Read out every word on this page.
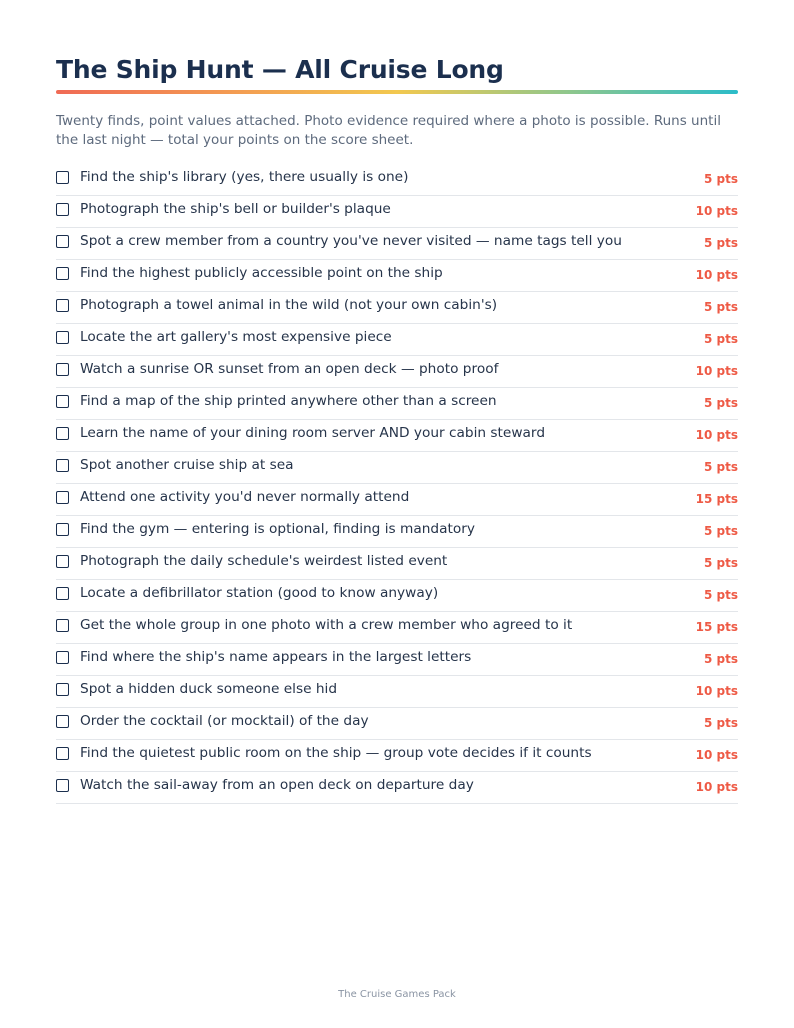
The Ship Hunt — All Cruise Long

Twenty finds, point values attached. Photo evidence required where a photo is possible. Runs until the last night — total your points on the score sheet.

Find the ship's library (yes, there usually is one)	5 pts
Photograph the ship's bell or builder's plaque	10 pts
Spot a crew member from a country you've never visited — name tags tell you	5 pts
Find the highest publicly accessible point on the ship	10 pts
Photograph a towel animal in the wild (not your own cabin's)	5 pts
Locate the art gallery's most expensive piece	5 pts
Watch a sunrise OR sunset from an open deck — photo proof	10 pts
Find a map of the ship printed anywhere other than a screen	5 pts
Learn the name of your dining room server AND your cabin steward	10 pts
Spot another cruise ship at sea	5 pts
Attend one activity you'd never normally attend	15 pts
Find the gym — entering is optional, finding is mandatory	5 pts
Photograph the daily schedule's weirdest listed event	5 pts
Locate a defibrillator station (good to know anyway)	5 pts
Get the whole group in one photo with a crew member who agreed to it	15 pts
Find where the ship's name appears in the largest letters	5 pts
Spot a hidden duck someone else hid	10 pts
Order the cocktail (or mocktail) of the day	5 pts
Find the quietest public room on the ship — group vote decides if it counts	10 pts
Watch the sail-away from an open deck on departure day	10 pts
The Cruise Games Pack
